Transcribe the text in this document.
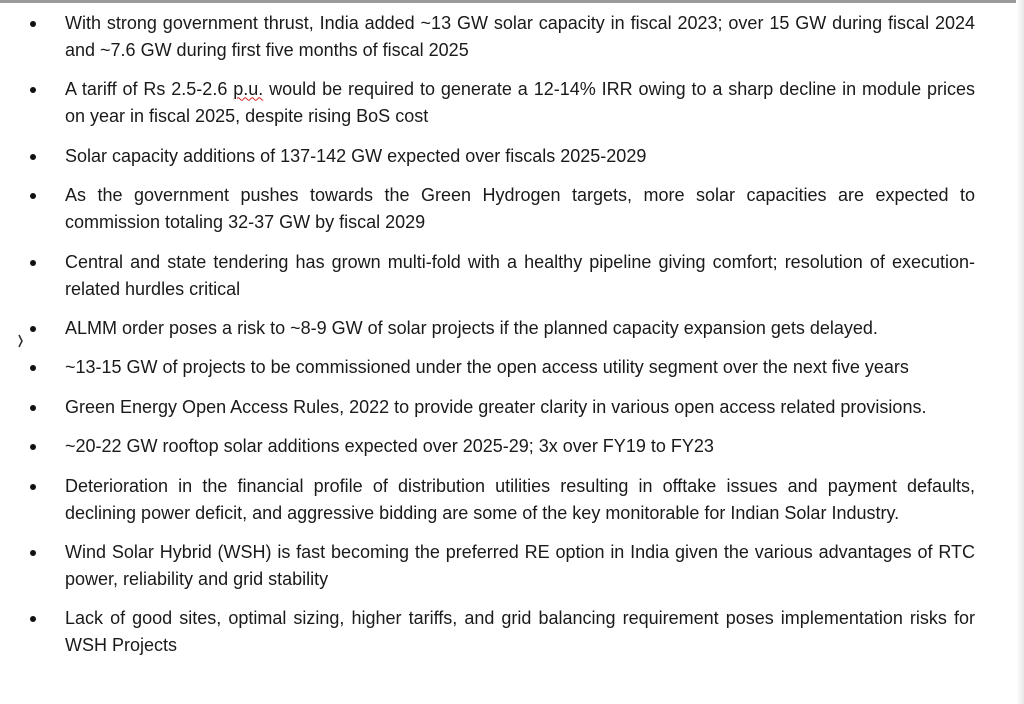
With strong government thrust, India added ~13 GW solar capacity in fiscal 2023; over 15 GW during fiscal 2024 and ~7.6 GW during first five months of fiscal 2025
A tariff of Rs 2.5-2.6 p.u. would be required to generate a 12-14% IRR owing to a sharp decline in module prices on year in fiscal 2025, despite rising BoS cost
Solar capacity additions of 137-142 GW expected over fiscals 2025-2029
As the government pushes towards the Green Hydrogen targets, more solar capacities are expected to commission totaling 32-37 GW by fiscal 2029
Central and state tendering has grown multi-fold with a healthy pipeline giving comfort; resolution of execution-related hurdles critical
ALMM order poses a risk to ~8-9 GW of solar projects if the planned capacity expansion gets delayed.
~13-15 GW of projects to be commissioned under the open access utility segment over the next five years
Green Energy Open Access Rules, 2022 to provide greater clarity in various open access related provisions.
~20-22 GW rooftop solar additions expected over 2025-29; 3x over FY19 to FY23
Deterioration in the financial profile of distribution utilities resulting in offtake issues and payment defaults, declining power deficit, and aggressive bidding are some of the key monitorable for Indian Solar Industry.
Wind Solar Hybrid (WSH) is fast becoming the preferred RE option in India given the various advantages of RTC power, reliability and grid stability
Lack of good sites, optimal sizing, higher tariffs, and grid balancing requirement poses implementation risks for WSH Projects
